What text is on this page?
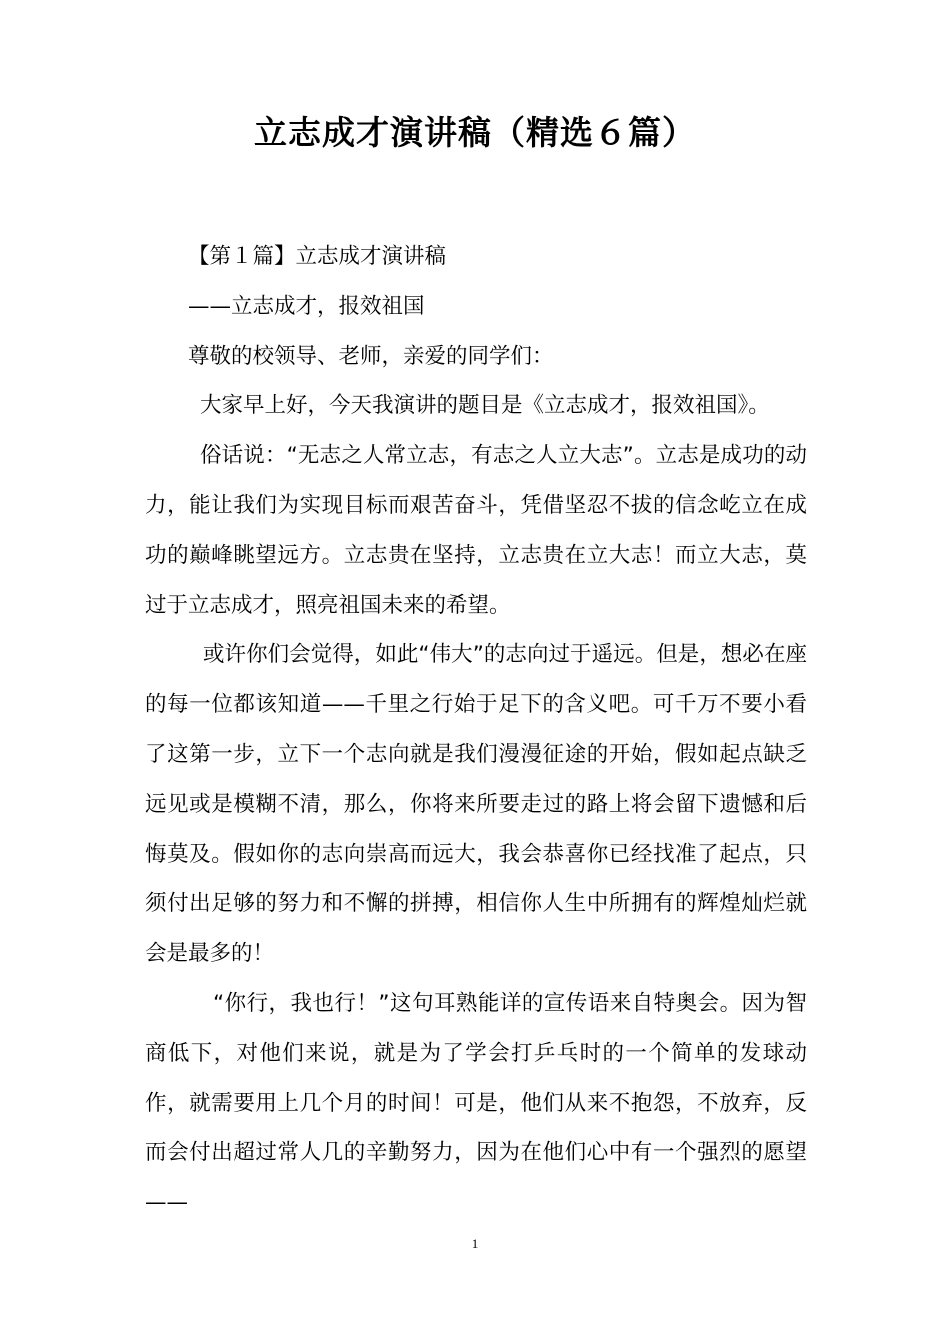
立志成才演讲稿（精选６篇）

【第１篇】立志成才演讲稿

——立志成才，报效祖国

尊敬的校领导、老师，亲爱的同学们：

大家早上好，今天我演讲的题目是《立志成才，报效祖国》。

俗话说：“无志之人常立志，有志之人立大志”。立志是成功的动力，能让我们为实现目标而艰苦奋斗，凭借坚忍不拔的信念屹立在成功的巅峰眺望远方。立志贵在坚持，立志贵在立大志！而立大志，莫过于立志成才，照亮祖国未来的希望。

或许你们会觉得，如此“伟大”的志向过于遥远。但是，想必在座的每一位都该知道——千里之行始于足下的含义吧。可千万不要小看了这第一步，立下一个志向就是我们漫漫征途的开始，假如起点缺乏远见或是模糊不清，那么，你将来所要走过的路上将会留下遗憾和后悔莫及。假如你的志向崇高而远大，我会恭喜你已经找准了起点，只须付出足够的努力和不懈的拼搏，相信你人生中所拥有的辉煌灿烂就会是最多的！

“你行，我也行！”这句耳熟能详的宣传语来自特奥会。因为智商低下，对他们来说，就是为了学会打乒乓时的一个简单的发球动作，就需要用上几个月的时间！可是，他们从来不抱怨，不放弃，反而会付出超过常人几的辛勤努力，因为在他们心中有一个强烈的愿望——

1
